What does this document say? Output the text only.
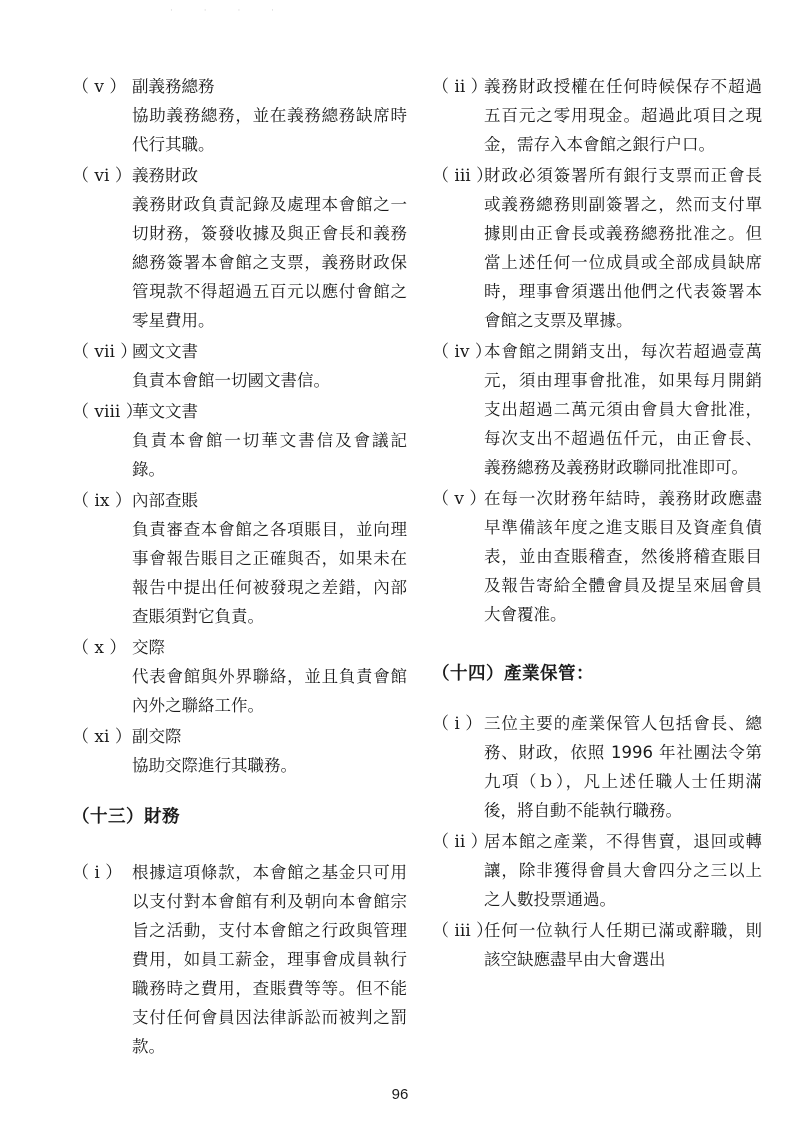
· · · ·
（ v ） 副義務總務
協助義務總務，並在義務總務缺席時代行其職。
（ vi ） 義務財政
義務財政負責記錄及處理本會館之一切財務，簽發收據及與正會長和義務總務簽署本會館之支票，義務財政保管現款不得超過五百元以應付會館之零星費用。
（ vii ）
國文文書
負責本會館一切國文書信。
（ viii ）
華文文書
負責本會館一切華文書信及會議記錄。
（ ix ） 內部查賬
負責審查本會館之各項賬目，並向理事會報告賬目之正確與否，如果未在報告中提出任何被發現之差錯，內部查賬須對它負責。
（ x ） 交際
代表會館與外界聯絡，並且負責會館內外之聯絡工作。
（ xi ） 副交際
協助交際進行其職務。
（十三）財務
（ i ） 根據這項條款，本會館之基金只可用以支付對本會館有利及朝向本會館宗旨之活動，支付本會館之行政與管理費用，如員工薪金，理事會成員執行職務時之費用，查賬費等等。但不能支付任何會員因法律訴訟而被判之罰款。
（ ii ）
義務財政授權在任何時候保存不超過五百元之零用現金。超過此項目之現金，需存入本會館之銀行户口。
（ iii ）
財政必須簽署所有銀行支票而正會長或義務總務則副簽署之，然而支付單據則由正會長或義務總務批准之。但當上述任何一位成員或全部成員缺席時，理事會須選出他們之代表簽署本會館之支票及單據。
（ iv ）
本會館之開銷支出，每次若超過壹萬元，須由理事會批准，如果每月開銷支出超過二萬元須由會員大會批准，每次支出不超過伍仟元，由正會長、義務總務及義務財政聯同批准即可。
（ v ）
在每一次財務年結時，義務財政應盡早準備該年度之進支賬目及資產負債表，並由查賬稽查，然後將稽查賬目及報告寄給全體會員及提呈來屆會員大會覆准。
（十四）產業保管：
（ i ） 三位主要的產業保管人包括會長、總務、財政，依照 1996 年社團法令第九項（ｂ），凡上述任職人士任期滿後，將自動不能執行職務。
（ ii ）
居本館之產業，不得售賣，退回或轉讓，除非獲得會員大會四分之三以上之人數投票通過。
（ iii ）
任何一位執行人任期已滿或辭職，則該空缺應盡早由大會選出
96
